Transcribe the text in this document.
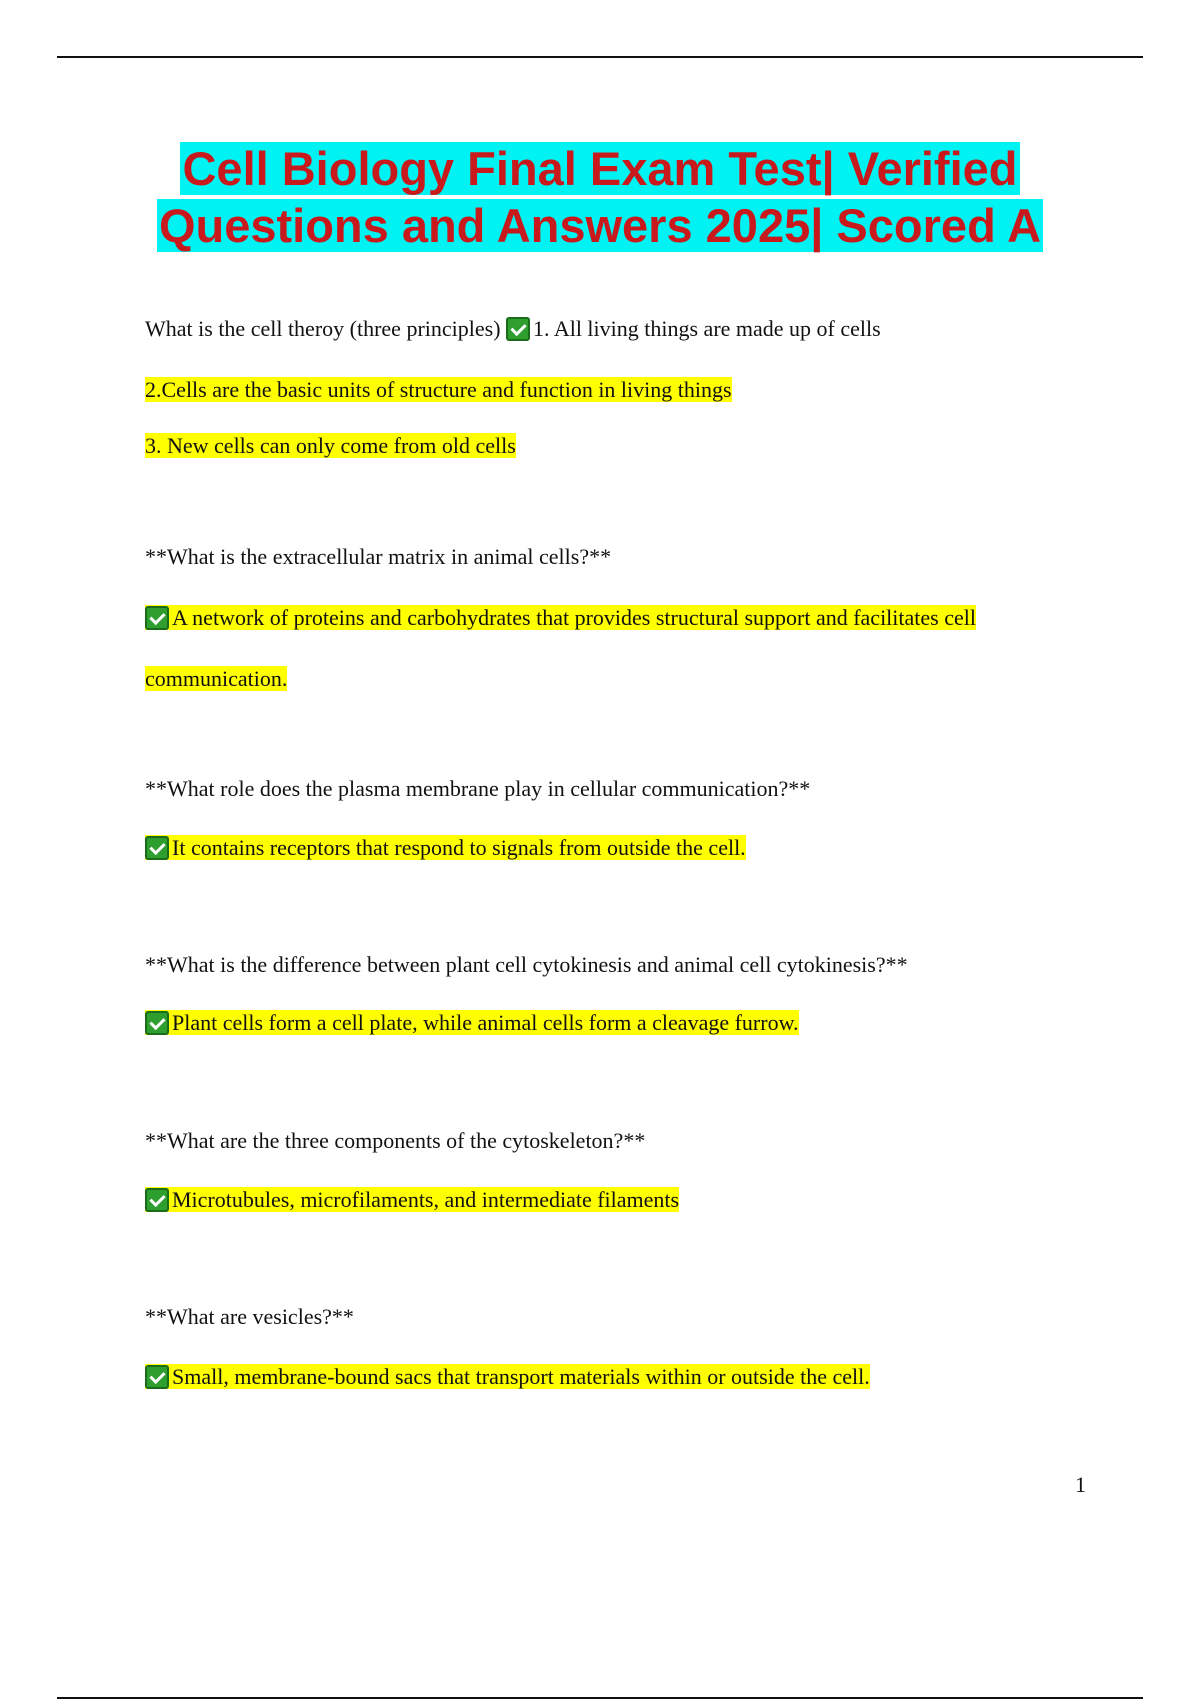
Cell Biology Final Exam Test| Verified
Questions and Answers 2025| Scored A
What is the cell theroy (three principles) 1. All living things are made up of cells
2.Cells are the basic units of structure and function in living things
3. New cells can only come from old cells
**What is the extracellular matrix in animal cells?**
A network of proteins and carbohydrates that provides structural support and facilitates cell
communication.
**What role does the plasma membrane play in cellular communication?**
It contains receptors that respond to signals from outside the cell.
**What is the difference between plant cell cytokinesis and animal cell cytokinesis?**
Plant cells form a cell plate, while animal cells form a cleavage furrow.
**What are the three components of the cytoskeleton?**
Microtubules, microfilaments, and intermediate filaments
**What are vesicles?**
Small, membrane-bound sacs that transport materials within or outside the cell.
1
